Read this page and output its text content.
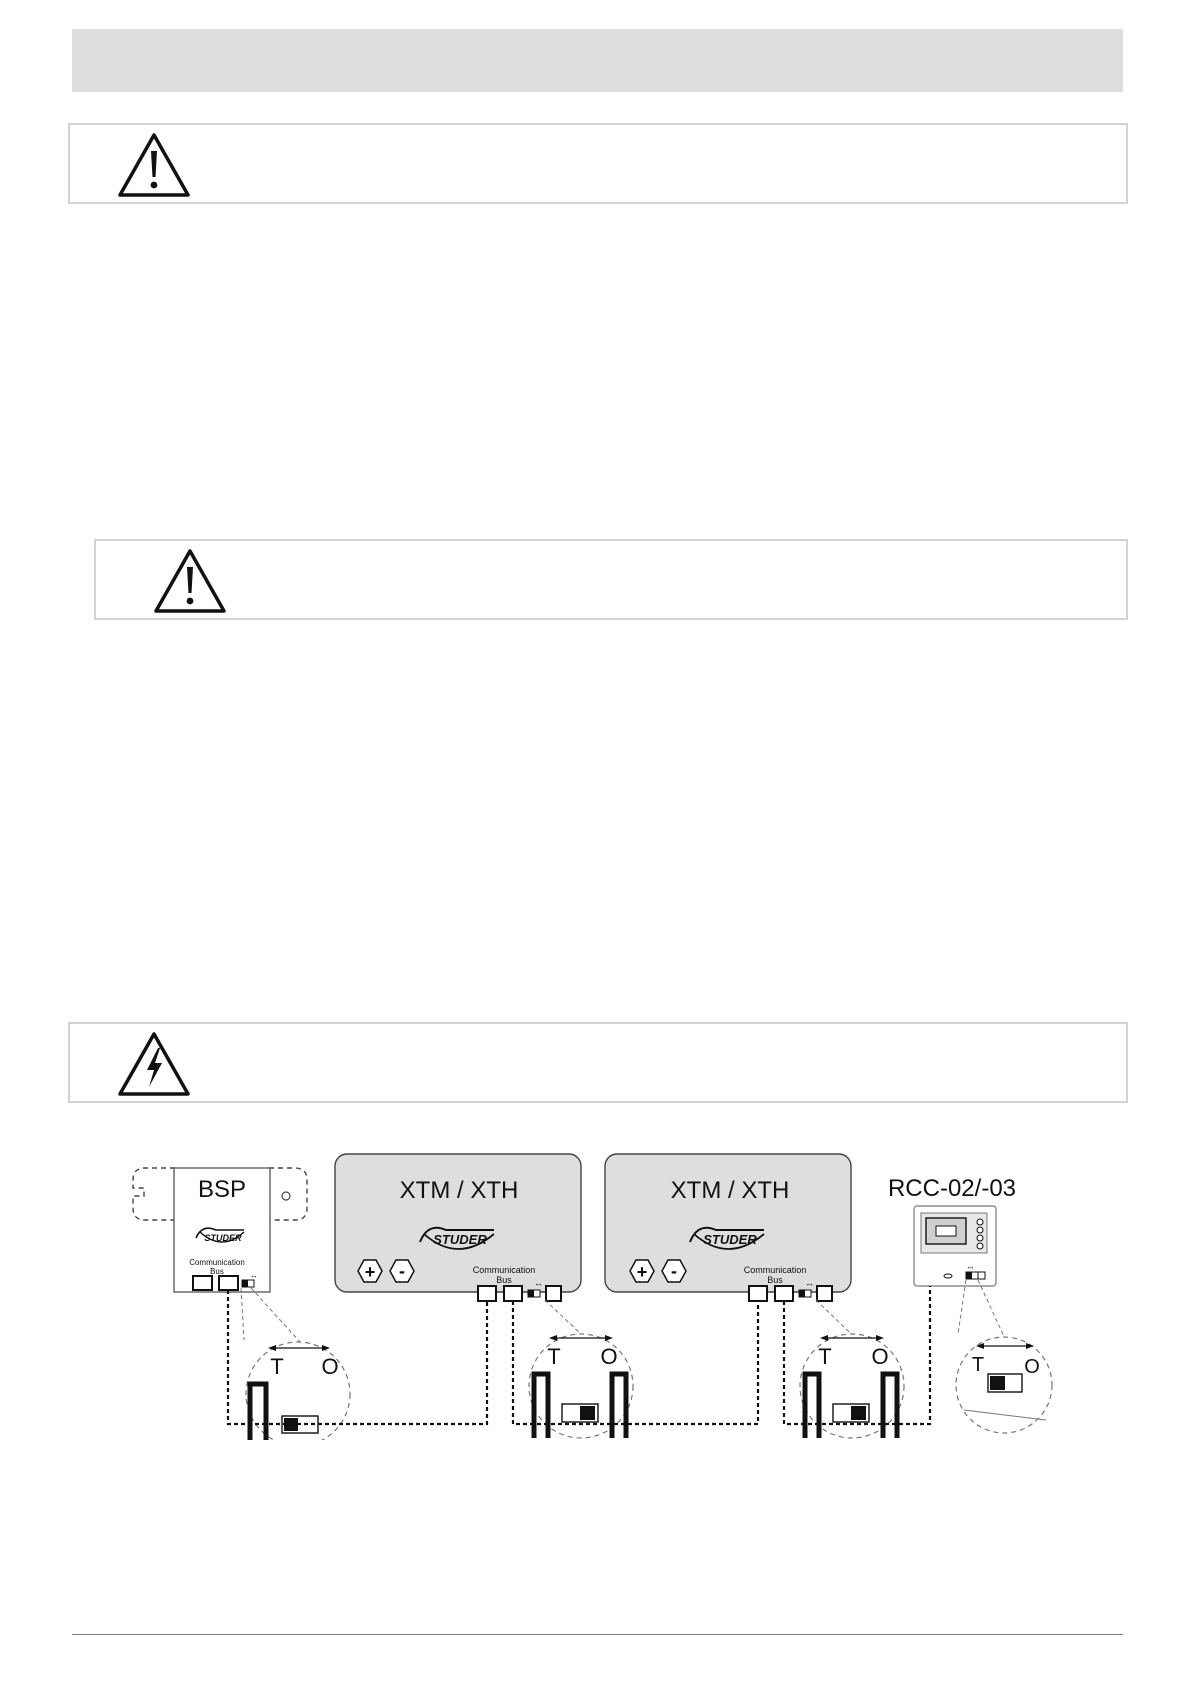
BSP
STUDER
Communication
Bus	↔
T O
XTM / XTH
STUDER
+ -	Communication
Bus ↔
T O
XTM / XTH
STUDER
+ -	Communication
Bus ↔
T O
RCC-02/-03
↔
T O
